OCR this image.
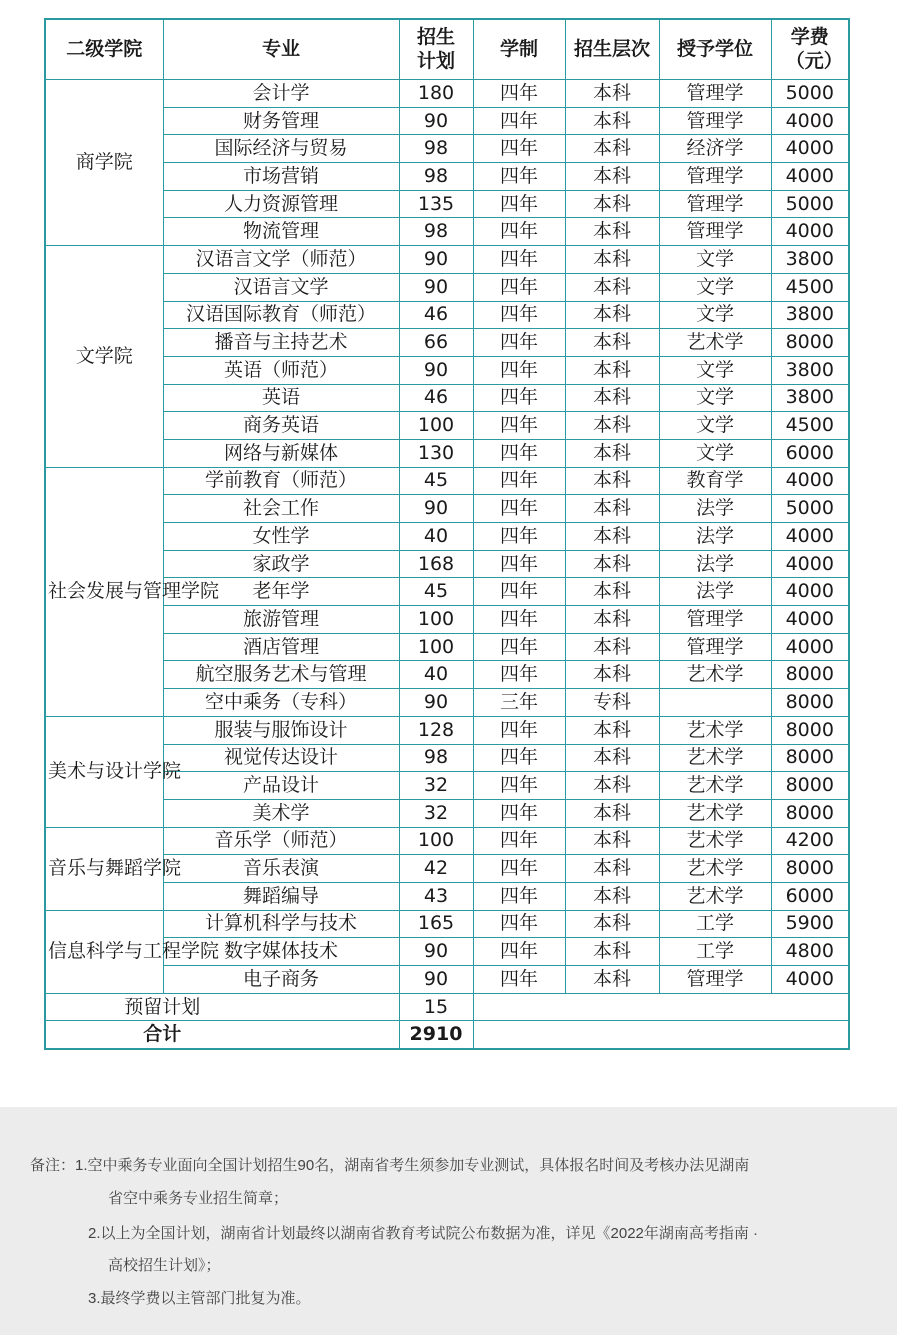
二级学院	专业	招生计划	学制	招生层次	授予学位	学费（元）
商学院	会计学	180	四年	本科	管理学	5000
	财务管理	90	四年	本科	管理学	4000
	国际经济与贸易	98	四年	本科	经济学	4000
	市场营销	98	四年	本科	管理学	4000
	人力资源管理	135	四年	本科	管理学	5000
	物流管理	98	四年	本科	管理学	4000
文学院	汉语言文学（师范）	90	四年	本科	文学	3800
	汉语言文学	90	四年	本科	文学	4500
	汉语国际教育（师范）	46	四年	本科	文学	3800
	播音与主持艺术	66	四年	本科	艺术学	8000
	英语（师范）	90	四年	本科	文学	3800
	英语	46	四年	本科	文学	3800
	商务英语	100	四年	本科	文学	4500
	网络与新媒体	130	四年	本科	文学	6000
社会发展与管理学院	学前教育（师范）	45	四年	本科	教育学	4000
	社会工作	90	四年	本科	法学	5000
	女性学	40	四年	本科	法学	4000
	家政学	168	四年	本科	法学	4000
	老年学	45	四年	本科	法学	4000
	旅游管理	100	四年	本科	管理学	4000
	酒店管理	100	四年	本科	管理学	4000
	航空服务艺术与管理	40	四年	本科	艺术学	8000
	空中乘务（专科）	90	三年	专科		8000
美术与设计学院	服装与服饰设计	128	四年	本科	艺术学	8000
	视觉传达设计	98	四年	本科	艺术学	8000
	产品设计	32	四年	本科	艺术学	8000
	美术学	32	四年	本科	艺术学	8000
音乐与舞蹈学院	音乐学（师范）	100	四年	本科	艺术学	4200
	音乐表演	42	四年	本科	艺术学	8000
	舞蹈编导	43	四年	本科	艺术学	6000
信息科学与工程学院	计算机科学与技术	165	四年	本科	工学	5900
	数字媒体技术	90	四年	本科	工学	4800
	电子商务	90	四年	本科	管理学	4000
预留计划		15				
合计		2910				
备注：1.空中乘务专业面向全国计划招生90名，湖南省考生须参加专业测试，具体报名时间及考核办法见湖南
省空中乘务专业招生简章；
2.以上为全国计划，湖南省计划最终以湖南省教育考试院公布数据为准，详见《2022年湖南高考指南 ·
高校招生计划》；
3.最终学费以主管部门批复为准。
